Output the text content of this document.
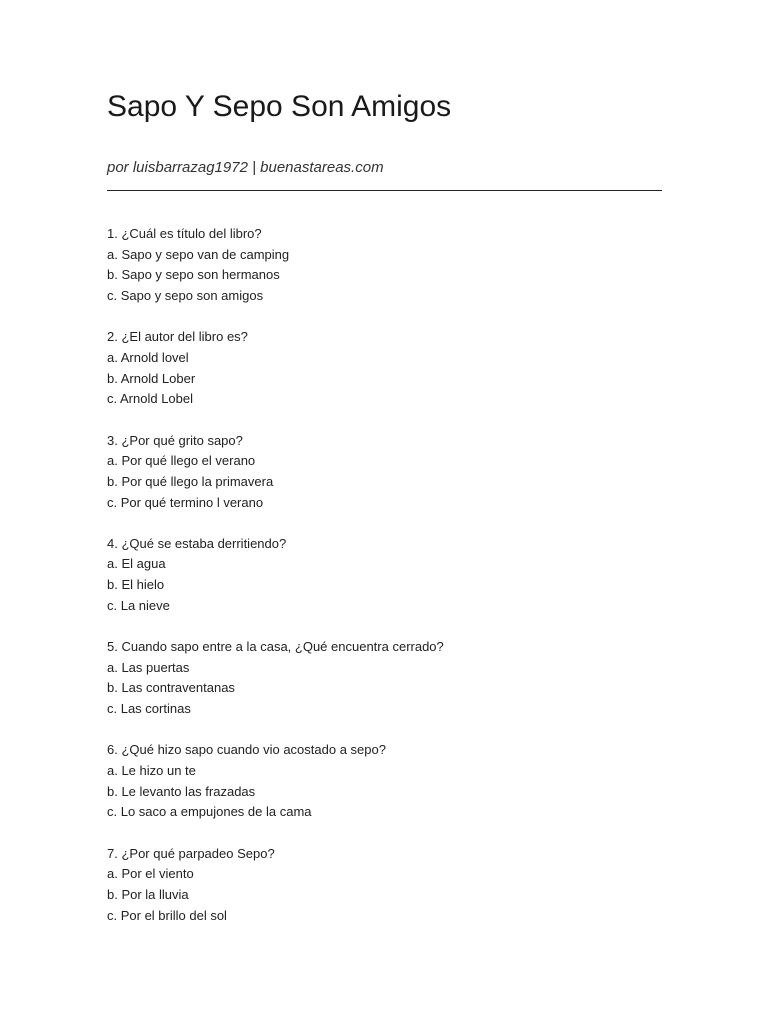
Sapo Y Sepo Son Amigos
por luisbarrazag1972 | buenastareas.com
1. ¿Cuál es título del libro?
a. Sapo y sepo van de camping
b. Sapo y sepo son hermanos
c. Sapo y sepo son amigos
2. ¿El autor del libro es?
a. Arnold lovel
b. Arnold Lober
c. Arnold Lobel
3. ¿Por qué grito sapo?
a. Por qué llego el verano
b. Por qué llego la primavera
c. Por qué termino l verano
4. ¿Qué se estaba derritiendo?
a. El agua
b. El hielo
c. La nieve
5. Cuando sapo entre a la casa, ¿Qué encuentra cerrado?
a. Las puertas
b. Las contraventanas
c. Las cortinas
6. ¿Qué hizo sapo cuando vio acostado a sepo?
a. Le hizo un te
b. Le levanto las frazadas
c. Lo saco a empujones de la cama
7. ¿Por qué parpadeo Sepo?
a. Por el viento
b. Por la lluvia
c. Por el brillo del sol
